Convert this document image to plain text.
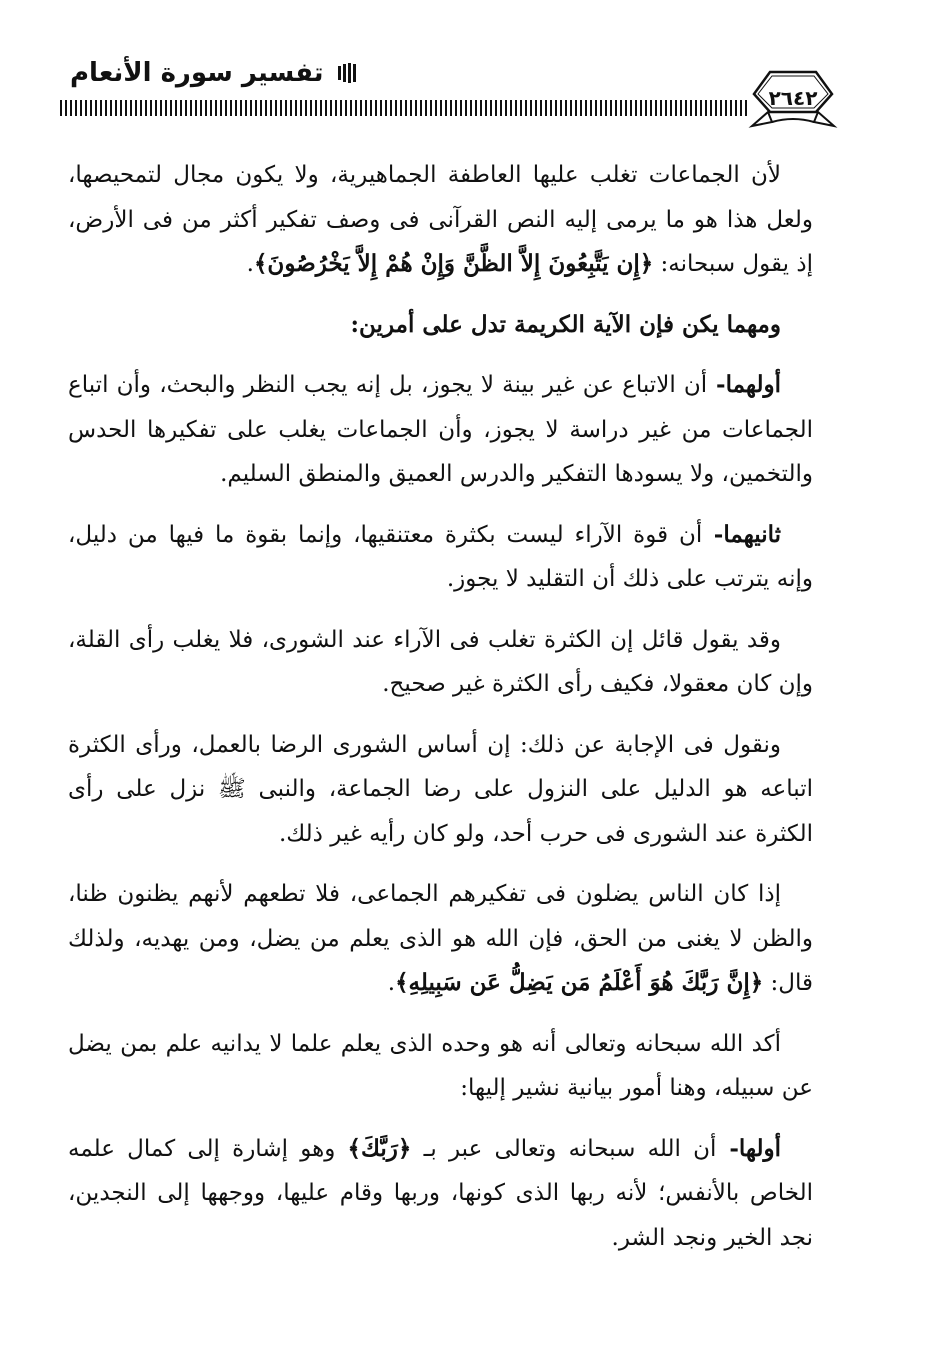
تفسير سورة الأنعام
٢٦٤٢

لأن الجماعات تغلب عليها العاطفة الجماهيرية، ولا يكون مجال لتمحيصها، ولعل هذا هو ما يرمى إليه النص القرآنى فى وصف تفكير أكثر من فى الأرض، إذ يقول سبحانه: ﴿إِن يَتَّبِعُونَ إِلاَّ الظَّنَّ وَإِنْ هُمْ إِلاَّ يَخْرُصُونَ﴾.

ومهما يكن فإن الآية الكريمة تدل على أمرين:

أولهما- أن الاتباع عن غير بينة لا يجوز، بل إنه يجب النظر والبحث، وأن اتباع الجماعات من غير دراسة لا يجوز، وأن الجماعات يغلب على تفكيرها الحدس والتخمين، ولا يسودها التفكير والدرس العميق والمنطق السليم.

ثانيهما- أن قوة الآراء ليست بكثرة معتنقيها، وإنما بقوة ما فيها من دليل، وإنه يترتب على ذلك أن التقليد لا يجوز.

وقد يقول قائل إن الكثرة تغلب فى الآراء عند الشورى، فلا يغلب رأى القلة، وإن كان معقولا، فكيف رأى الكثرة غير صحيح.

ونقول فى الإجابة عن ذلك: إن أساس الشورى الرضا بالعمل، ورأى الكثرة اتباعه هو الدليل على النزول على رضا الجماعة، والنبى ﷺ نزل على رأى الكثرة عند الشورى فى حرب أحد، ولو كان رأيه غير ذلك.

إذا كان الناس يضلون فى تفكيرهم الجماعى، فلا تطعهم لأنهم يظنون ظنا، والظن لا يغنى من الحق، فإن الله هو الذى يعلم من يضل، ومن يهديه، ولذلك قال: ﴿إِنَّ رَبَّكَ هُوَ أَعْلَمُ مَن يَضِلُّ عَن سَبِيلِهِ﴾.

أكد الله سبحانه وتعالى أنه هو وحده الذى يعلم علما لا يدانيه علم بمن يضل عن سبيله، وهنا أمور بيانية نشير إليها:

أولها- أن الله سبحانه وتعالى عبر بـ ﴿رَبَّكَ﴾ وهو إشارة إلى كمال علمه الخاص بالأنفس؛ لأنه ربها الذى كونها، وربها وقام عليها، ووجهها إلى النجدين، نجد الخير ونجد الشر.
